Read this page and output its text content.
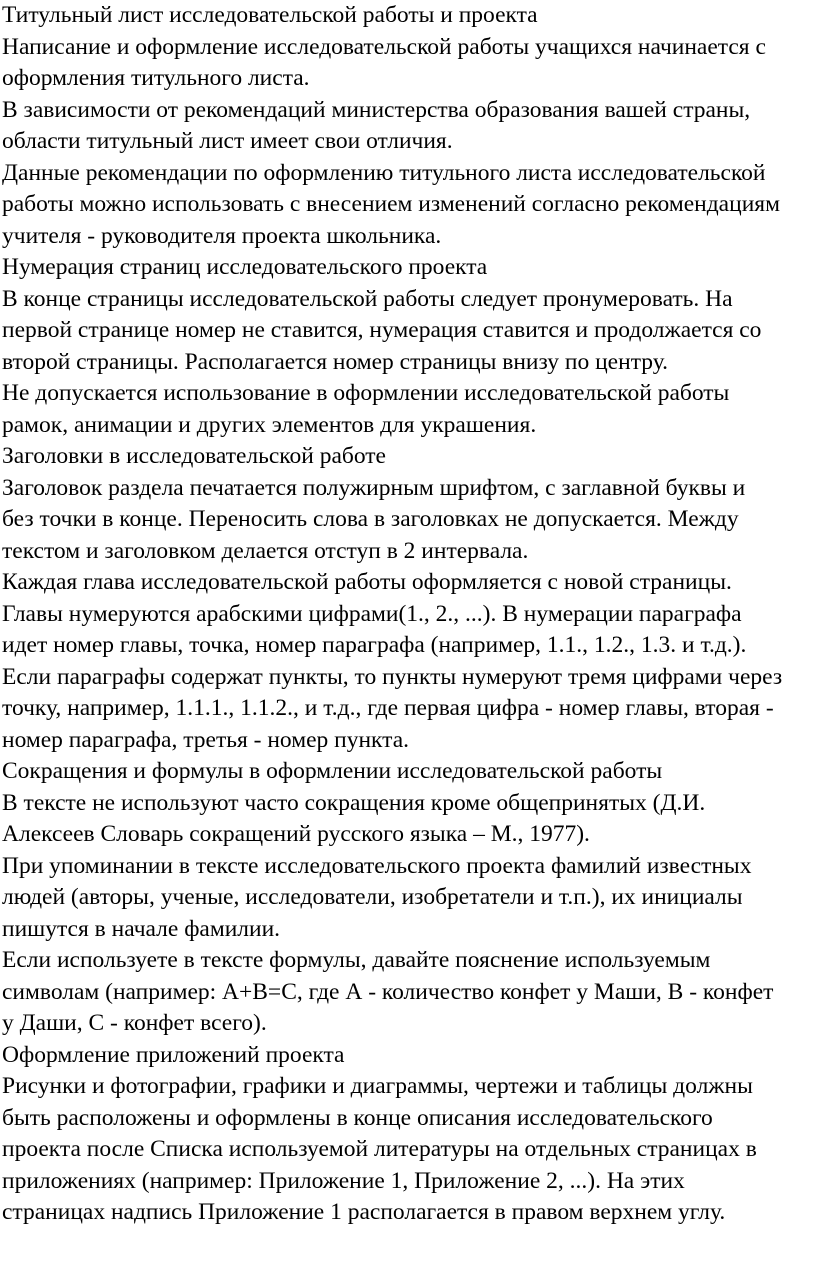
Титульный лист исследовательской работы и проекта

Написание и оформление исследовательской работы учащихся начинается с

оформления титульного листа.

В зависимости от рекомендаций министерства образования вашей страны,

области титульный лист имеет свои отличия.

Данные рекомендации по оформлению титульного листа исследовательской

работы можно использовать с внесением изменений согласно рекомендациям

учителя - руководителя проекта школьника.

Нумерация страниц исследовательского проекта

В конце страницы исследовательской работы следует пронумеровать. На

первой странице номер не ставится, нумерация ставится и продолжается со

второй страницы. Располагается номер страницы внизу по центру.

Не допускается использование в оформлении исследовательской работы

рамок, анимации и других элементов для украшения.

Заголовки в исследовательской работе

Заголовок раздела печатается полужирным шрифтом, с заглавной буквы и

без точки в конце. Переносить слова в заголовках не допускается. Между

текстом и заголовком делается отступ в 2 интервала.

Каждая глава исследовательской работы оформляется с новой страницы.

Главы нумеруются арабскими цифрами(1., 2., ...). В нумерации параграфа

идет номер главы, точка, номер параграфа (например, 1.1., 1.2., 1.3. и т.д.).

Если параграфы содержат пункты, то пункты нумеруют тремя цифрами через

точку, например, 1.1.1., 1.1.2., и т.д., где первая цифра - номер главы, вторая -

номер параграфа, третья - номер пункта.

Сокращения и формулы в оформлении исследовательской работы

В тексте не используют часто сокращения кроме общепринятых (Д.И.

Алексеев Словарь сокращений русского языка – М., 1977).

При упоминании в тексте исследовательского проекта фамилий известных

людей (авторы, ученые, исследователи, изобретатели и т.п.), их инициалы

пишутся в начале фамилии.

Если используете в тексте формулы, давайте пояснение используемым

символам (например: А+В=С, где А - количество конфет у Маши, В - конфет

у Даши, С - конфет всего).

Оформление приложений проекта

Рисунки и фотографии, графики и диаграммы, чертежи и таблицы должны

быть расположены и оформлены в конце описания исследовательского

проекта после Списка используемой литературы на отдельных страницах в

приложениях (например: Приложение 1, Приложение 2, ...). На этих

страницах надпись Приложение 1 располагается в правом верхнем углу.
